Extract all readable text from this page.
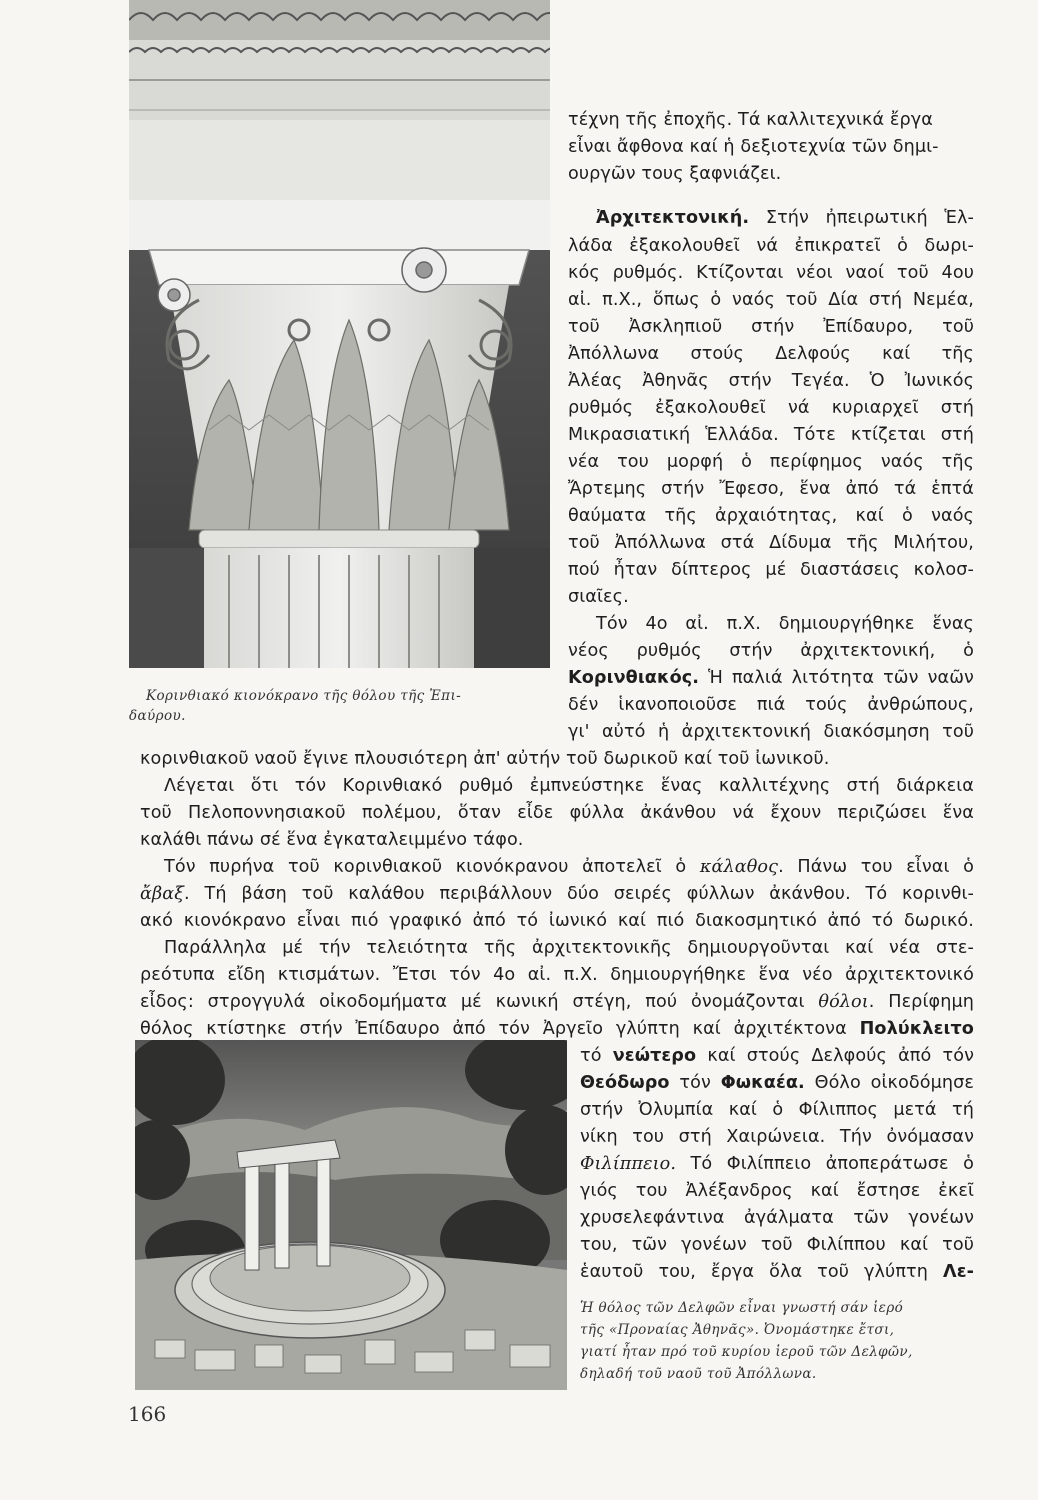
Κορινθιακό κιονόκρανο τῆς θόλου τῆς Ἐπι-
δαύρου.
τέχνη τῆς ἐποχῆς. Τά καλλιτεχνικά ἔργα
εἶναι ἄφθονα καί ἡ δεξιοτεχνία τῶν δημι-
ουργῶν τους ξαφνιάζει.
Ἀρχιτεκτονική. Στήν ἠπειρωτική Ἑλ-
λάδα ἐξακολουθεῖ νά ἐπικρατεῖ ὁ δωρι-
κός ρυθμός. Κτίζονται νέοι ναοί τοῦ 4ου
αἰ. π.Χ., ὅπως ὁ ναός τοῦ Δία στή Νεμέα,
τοῦ Ἀσκληπιοῦ στήν Ἐπίδαυρο, τοῦ
Ἀπόλλωνα στούς Δελφούς καί τῆς
Ἀλέας Ἀθηνᾶς στήν Τεγέα. Ὁ Ἰωνικός
ρυθμός ἐξακολουθεῖ νά κυριαρχεῖ στή
Μικρασιατική Ἑλλάδα. Τότε κτίζεται στή
νέα του μορφή ὁ περίφημος ναός τῆς
Ἄρτεμης στήν Ἔφεσο, ἕνα ἀπό τά ἑπτά
θαύματα τῆς ἀρχαιότητας, καί ὁ ναός
τοῦ Ἀπόλλωνα στά Δίδυμα τῆς Μιλήτου,
πού ἦταν δίπτερος μέ διαστάσεις κολοσ-
σιαῖες.
Τόν 4ο αἰ. π.Χ. δημιουργήθηκε ἕνας
νέος ρυθμός στήν ἀρχιτεκτονική, ὁ
Κορινθιακός. Ἡ παλιά λιτότητα τῶν ναῶν
δέν ἱκανοποιοῦσε πιά τούς ἀνθρώπους,
γι' αὐτό ἡ ἀρχιτεκτονική διακόσμηση τοῦ
κορινθιακοῦ ναοῦ ἔγινε πλουσιότερη ἀπ' αὐτήν τοῦ δωρικοῦ καί τοῦ ἰωνικοῦ.
Λέγεται ὅτι τόν Κορινθιακό ρυθμό ἐμπνεύστηκε ἕνας καλλιτέχνης στή διάρκεια
τοῦ Πελοποννησιακοῦ πολέμου, ὅταν εἶδε φύλλα ἀκάνθου νά ἔχουν περιζώσει ἕνα
καλάθι πάνω σέ ἕνα ἐγκαταλειμμένο τάφο.
Τόν πυρήνα τοῦ κορινθιακοῦ κιονόκρανου ἀποτελεῖ ὁ κάλαθος. Πάνω του εἶναι ὁ
ἄβαξ. Τή βάση τοῦ καλάθου περιβάλλουν δύο σειρές φύλλων ἀκάνθου. Τό κορινθι-
ακό κιονόκρανο εἶναι πιό γραφικό ἀπό τό ἰωνικό καί πιό διακοσμητικό ἀπό τό δωρικό.
Παράλληλα μέ τήν τελειότητα τῆς ἀρχιτεκτονικῆς δημιουργοῦνται καί νέα στε-
ρεότυπα εἴδη κτισμάτων. Ἔτσι τόν 4ο αἰ. π.Χ. δημιουργήθηκε ἕνα νέο ἀρχιτεκτονικό
εἶδος: στρογγυλά οἰκοδομήματα μέ κωνική στέγη, πού ὀνομάζονται θόλοι. Περίφημη
θόλος κτίστηκε στήν Ἐπίδαυρο ἀπό τόν Ἀργεῖο γλύπτη καί ἀρχιτέκτονα Πολύκλειτο
τό νεώτερο καί στούς Δελφούς ἀπό τόν
Θεόδωρο τόν Φωκαέα. Θόλο οἰκοδόμησε
στήν Ὀλυμπία καί ὁ Φίλιππος μετά τή
νίκη του στή Χαιρώνεια. Τήν ὀνόμασαν
Φιλίππειο. Τό Φιλίππειο ἀποπεράτωσε ὁ
γιός του Ἀλέξανδρος καί ἔστησε ἐκεῖ
χρυσελεφάντινα ἀγάλματα τῶν γονέων
του, τῶν γονέων τοῦ Φιλίππου καί τοῦ
ἑαυτοῦ του, ἔργα ὅλα τοῦ γλύπτη Λε-
Ἡ θόλος τῶν Δελφῶν εἶναι γνωστή σάν ἱερό
τῆς «Προναίας Ἀθηνᾶς». Ὀνομάστηκε ἔτσι,
γιατί ἦταν πρό τοῦ κυρίου ἱεροῦ τῶν Δελφῶν,
δηλαδή τοῦ ναοῦ τοῦ Ἀπόλλωνα.
166
